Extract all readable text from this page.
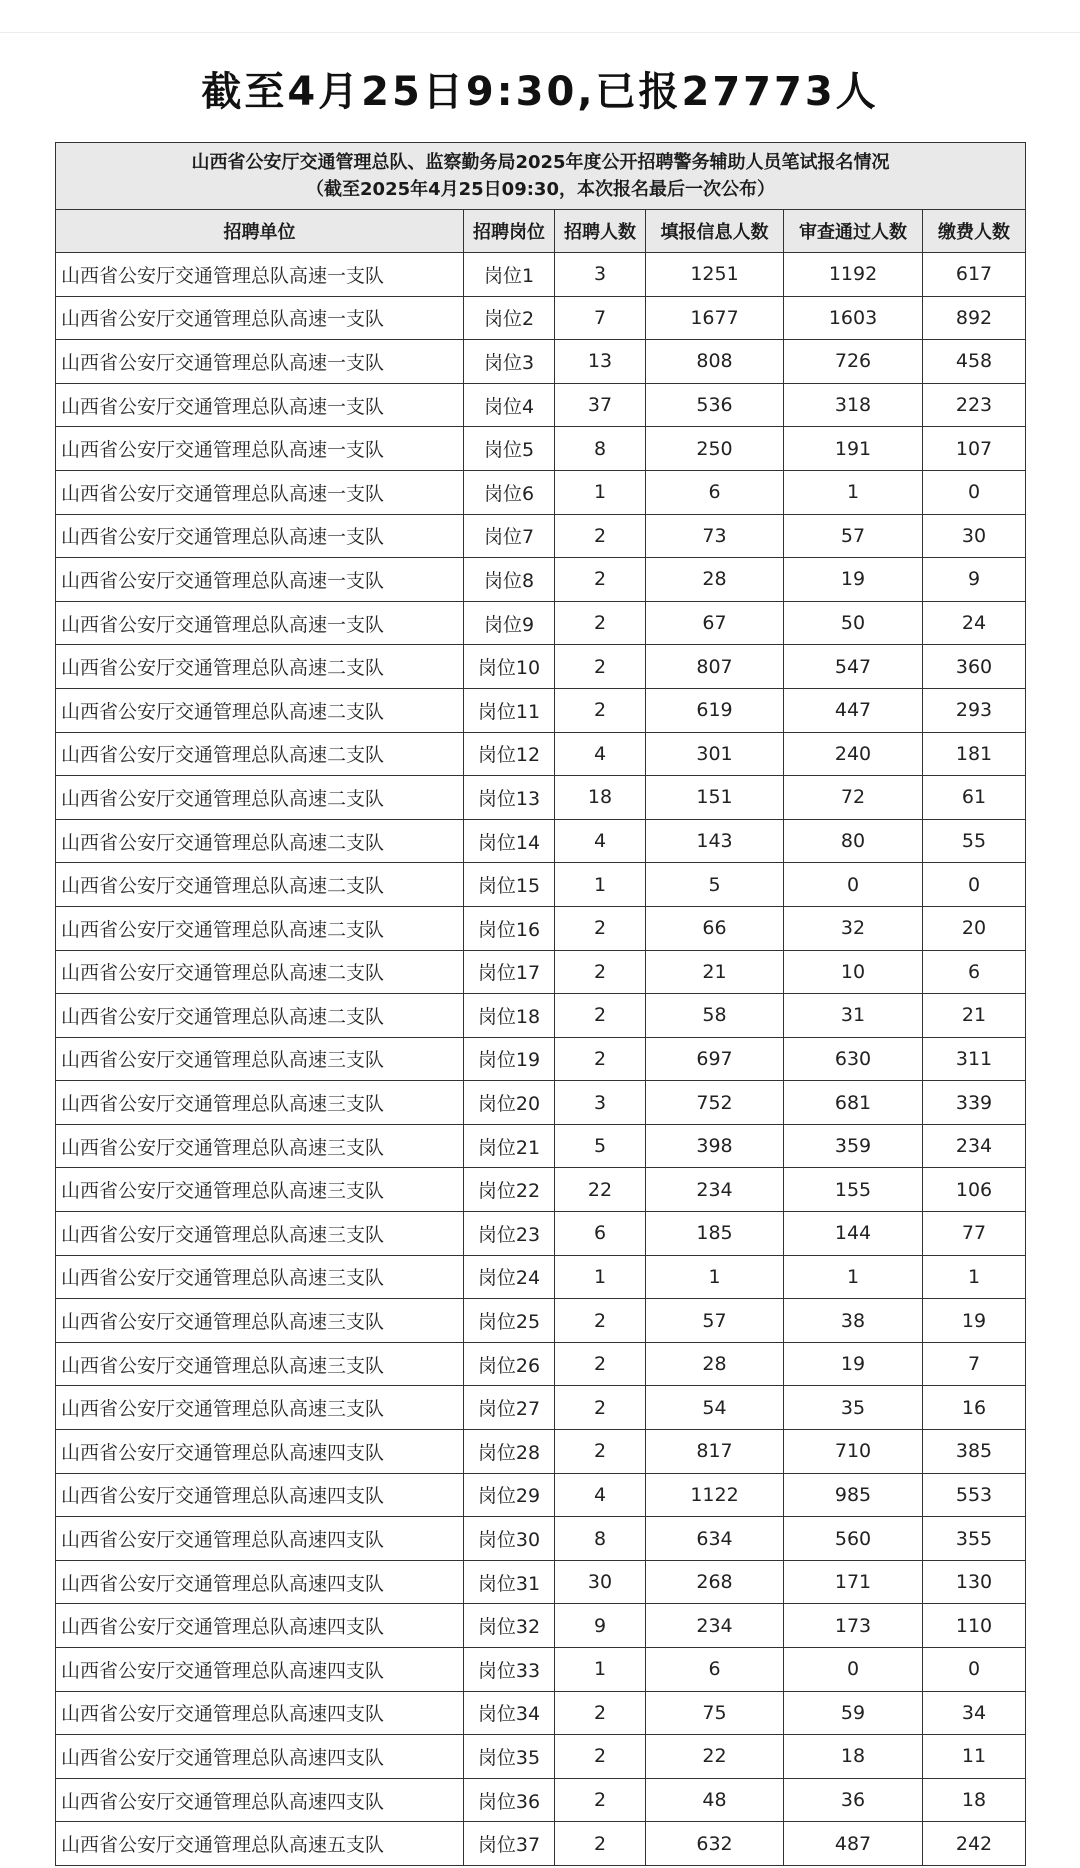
截至4月25日9:30,已报27773人
山西省公安厅交通管理总队、监察勤务局2025年度公开招聘警务辅助人员笔试报名情况
（截至2025年4月25日09:30，本次报名最后一次公布）					

招聘单位	招聘岗位	招聘人数	填报信息人数	审查通过人数	缴费人数
山西省公安厅交通管理总队高速一支队	岗位1	3	1251	1192	617
山西省公安厅交通管理总队高速一支队	岗位2	7	1677	1603	892
山西省公安厅交通管理总队高速一支队	岗位3	13	808	726	458
山西省公安厅交通管理总队高速一支队	岗位4	37	536	318	223
山西省公安厅交通管理总队高速一支队	岗位5	8	250	191	107
山西省公安厅交通管理总队高速一支队	岗位6	1	6	1	0
山西省公安厅交通管理总队高速一支队	岗位7	2	73	57	30
山西省公安厅交通管理总队高速一支队	岗位8	2	28	19	9
山西省公安厅交通管理总队高速一支队	岗位9	2	67	50	24
山西省公安厅交通管理总队高速二支队	岗位10	2	807	547	360
山西省公安厅交通管理总队高速二支队	岗位11	2	619	447	293
山西省公安厅交通管理总队高速二支队	岗位12	4	301	240	181
山西省公安厅交通管理总队高速二支队	岗位13	18	151	72	61
山西省公安厅交通管理总队高速二支队	岗位14	4	143	80	55
山西省公安厅交通管理总队高速二支队	岗位15	1	5	0	0
山西省公安厅交通管理总队高速二支队	岗位16	2	66	32	20
山西省公安厅交通管理总队高速二支队	岗位17	2	21	10	6
山西省公安厅交通管理总队高速二支队	岗位18	2	58	31	21
山西省公安厅交通管理总队高速三支队	岗位19	2	697	630	311
山西省公安厅交通管理总队高速三支队	岗位20	3	752	681	339
山西省公安厅交通管理总队高速三支队	岗位21	5	398	359	234
山西省公安厅交通管理总队高速三支队	岗位22	22	234	155	106
山西省公安厅交通管理总队高速三支队	岗位23	6	185	144	77
山西省公安厅交通管理总队高速三支队	岗位24	1	1	1	1
山西省公安厅交通管理总队高速三支队	岗位25	2	57	38	19
山西省公安厅交通管理总队高速三支队	岗位26	2	28	19	7
山西省公安厅交通管理总队高速三支队	岗位27	2	54	35	16
山西省公安厅交通管理总队高速四支队	岗位28	2	817	710	385
山西省公安厅交通管理总队高速四支队	岗位29	4	1122	985	553
山西省公安厅交通管理总队高速四支队	岗位30	8	634	560	355
山西省公安厅交通管理总队高速四支队	岗位31	30	268	171	130
山西省公安厅交通管理总队高速四支队	岗位32	9	234	173	110
山西省公安厅交通管理总队高速四支队	岗位33	1	6	0	0
山西省公安厅交通管理总队高速四支队	岗位34	2	75	59	34
山西省公安厅交通管理总队高速四支队	岗位35	2	22	18	11
山西省公安厅交通管理总队高速四支队	岗位36	2	48	36	18
山西省公安厅交通管理总队高速五支队	岗位37	2	632	487	242
